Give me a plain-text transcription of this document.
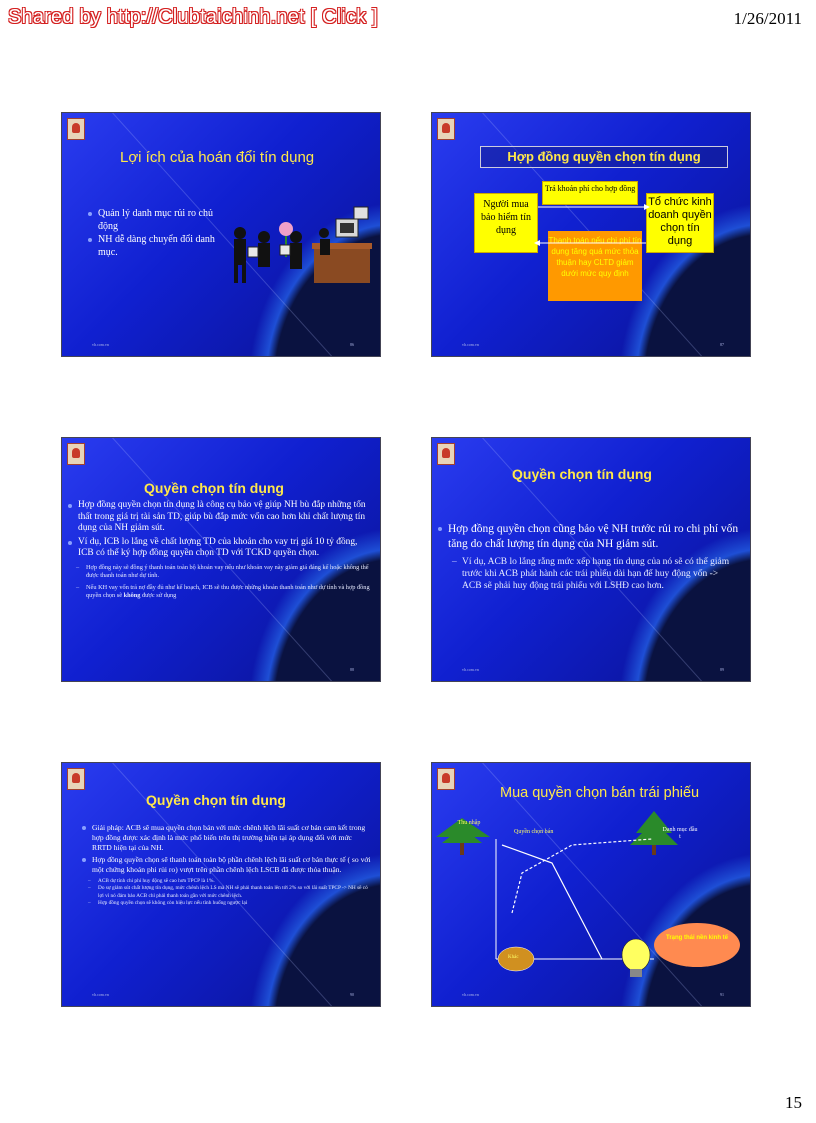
Shared by http://Clubtaichinh.net [ Click ]	1/26/2011
Lợi ích của hoán đổi tín dụng
Quản lý danh mục rủi ro chủ động
NH dễ dàng chuyển đổi danh mục.
vh.com.vn	86
Hợp đồng quyền chọn tín dụng
Người mua bảo hiểm tín dụng
Tổ chức kinh doanh quyền chọn tín dụng
Trả khoản phí cho hợp đồng
Thanh toán nếu chi phí tín dụng tăng quá mức thỏa thuận hay CLTD giảm dưới mức quy định
vh.com.vn	87
Quyền chọn tín dụng
Hợp đồng quyền chọn tín dụng là công cụ bảo vệ giúp NH bù đắp những tổn thất trong giá trị tài sản TD, giúp bù đắp mức vốn cao hơn khi chất lượng tín dụng của NH giảm sút.
Ví dụ, ICB lo lắng về chất lượng TD của khoản cho vay trị giá 10 tỷ đồng, ICB có thể ký hợp đồng quyền chọn TD với TCKD quyền chọn.
– Hợp đồng này sẽ đồng ý thanh toán toàn bộ khoản vay nếu như khoản vay này giảm giá đáng kể hoặc không thể được thanh toán như dự tính.
– Nếu KH vay vốn trả nợ đầy đủ như kế hoạch, ICB sẽ thu được những khoản thanh toán như dự tính và hợp đồng quyền chọn sẽ không được sử dụng
88
Quyền chọn tín dụng
Hợp đồng quyền chọn cũng bảo vệ NH trước rủi ro chi phí vốn tăng do chất lượng tín dụng của NH giảm sút.
– Ví dụ, ACB lo lắng rằng mức xếp hạng tín dụng của nó sẽ có thể giảm trước khi ACB phát hành các trái phiếu dài hạn để huy động vốn -> ACB sẽ phải huy động trái phiếu với LSHĐ cao hơn.
vh.com.vn	89
Quyền chọn tín dụng
Giải pháp: ACB sẽ mua quyền chọn bán với mức chênh lệch lãi suất cơ bản cam kết trong hợp đồng được xác định là mức phổ biến trên thị trường hiện tại áp dụng đối với mức RRTD hiện tại của NH.
Hợp đồng quyền chọn sẽ thanh toán toàn bộ phần chênh lệch lãi suất cơ bản thực tế ( so với một chứng khoán phi rủi ro) vượt trên phần chênh lệch LSCB đã được thỏa thuận.
– ACB dự tính chi phí huy động sẽ cao hơn TPCP là 1%.
– Do sự giảm sút chất lượng tín dụng, mức chênh lệch LS mà NH sẽ phải thanh toán lên tới 2% so với lãi suất TPCP -> NH sẽ có lợi vì nó đảm bảo ACB chỉ phải thanh toán gần với mức chênh lệch.
– Hợp đồng quyền chọn sẽ không còn hiệu lực nếu tình huống ngược lại
vh.com.vn	90
Mua quyền chọn bán trái phiếu
Thu nhập
Quyền chọn bán	Danh mục đầu t
Khác
Trạng thái nền kinh tế
vh.com.vn	91
15
